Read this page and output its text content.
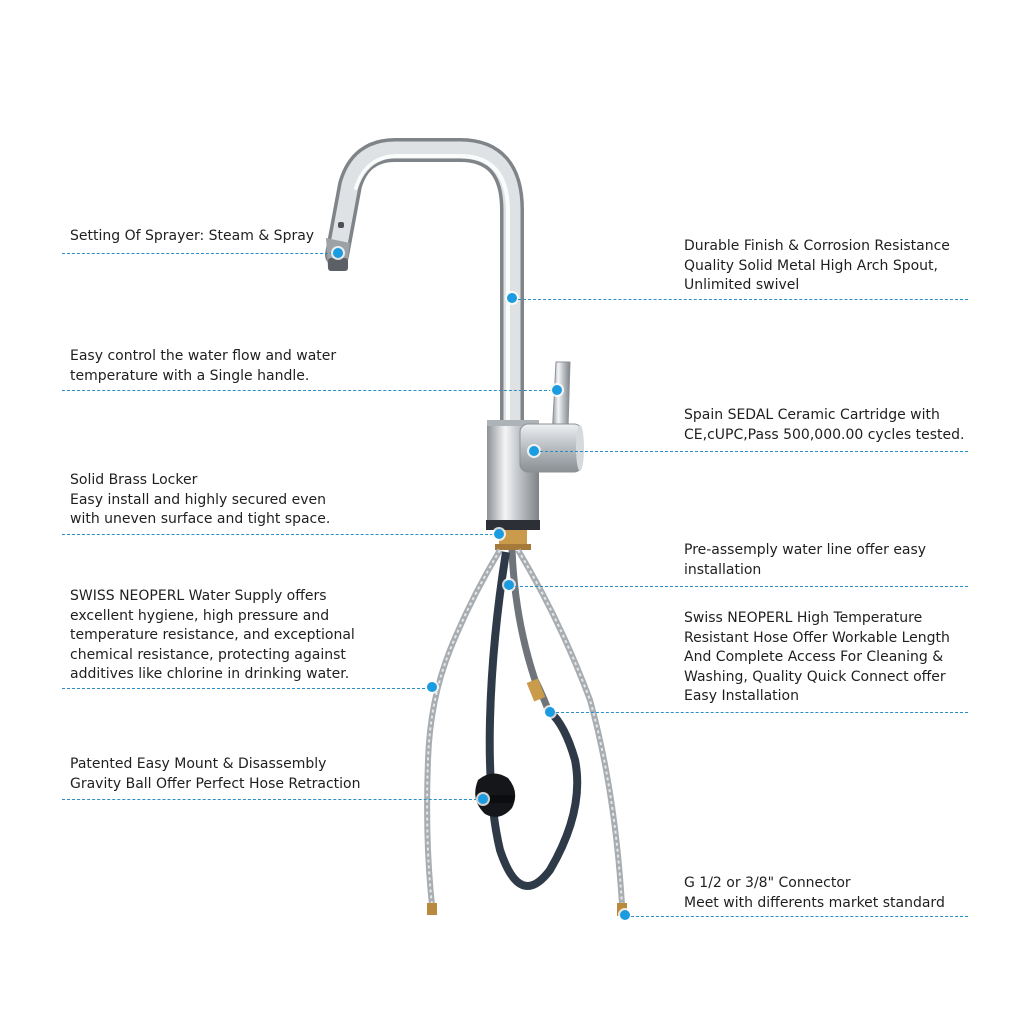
Setting Of Sprayer: Steam & Spray
Easy control the water flow and water
temperature with a Single handle.
Solid Brass Locker
Easy install and highly secured even
with uneven surface and tight space.
SWISS NEOPERL Water Supply offers
excellent hygiene, high pressure and
temperature resistance, and exceptional
chemical resistance, protecting against
additives like chlorine in drinking water.
Patented Easy Mount & Disassembly
Gravity Ball Offer Perfect Hose Retraction
Durable Finish & Corrosion Resistance
Quality Solid Metal High Arch Spout,
Unlimited swivel
Spain SEDAL Ceramic Cartridge with
CE,cUPC,Pass 500,000.00 cycles tested.
Pre-assemply water line offer easy
installation
Swiss NEOPERL High Temperature
Resistant Hose Offer Workable Length
And Complete Access For Cleaning &
Washing, Quality Quick Connect offer
Easy Installation
G 1/2 or 3/8" Connector
Meet with differents market standard
